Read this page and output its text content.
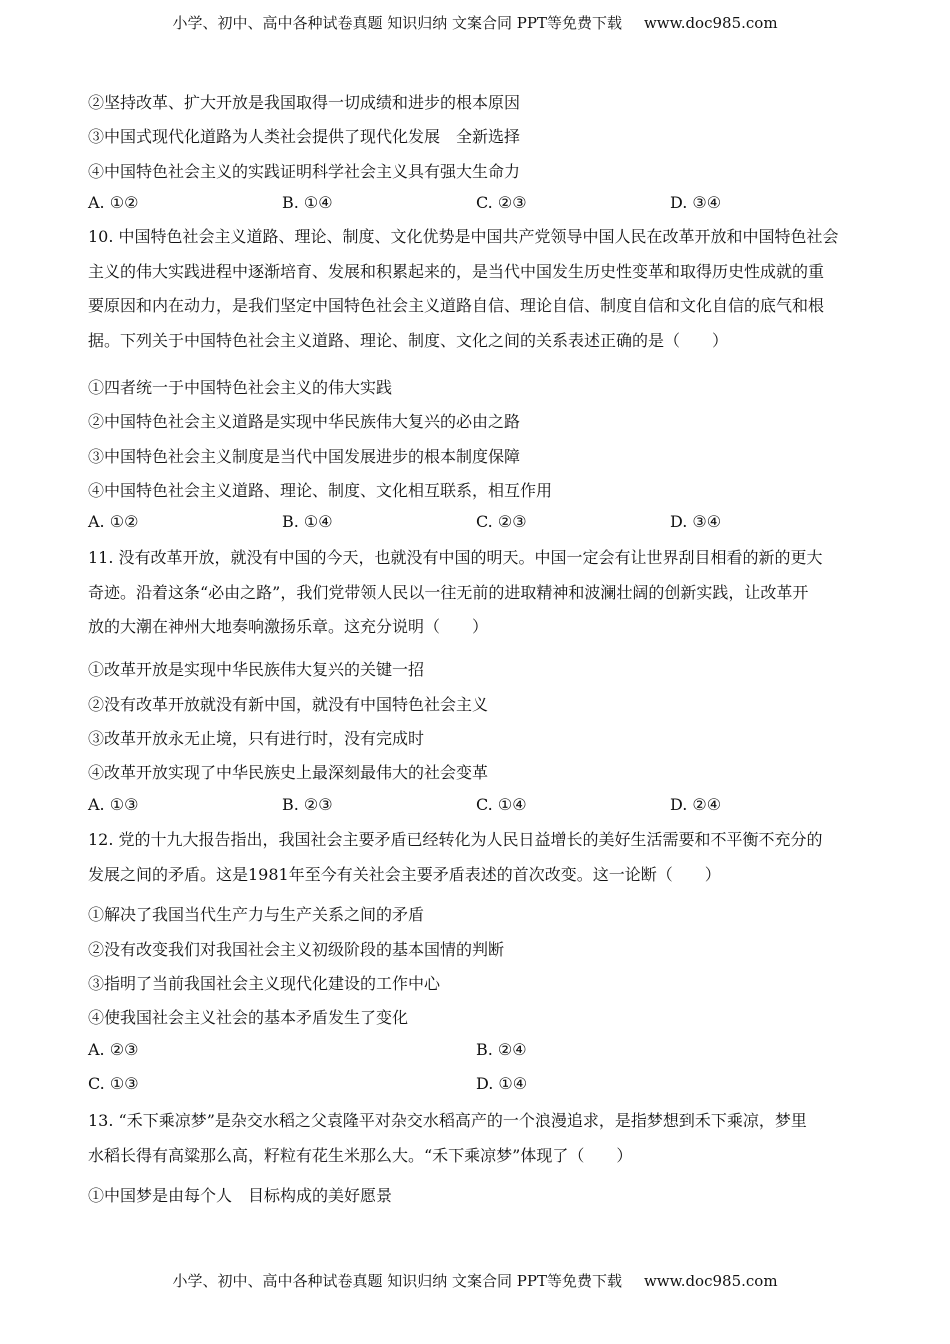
小学、初中、高中各种试卷真题 知识归纳 文案合同 PPT等免费下载 www.doc985.com
②坚持改革、扩大开放是我国取得一切成绩和进步的根本原因
③中国式现代化道路为人类社会提供了现代化发展　全新选择
④中国特色社会主义的实践证明科学社会主义具有强大生命力
A. ①②	B. ①④	C. ②③	D. ③④
10. 中国特色社会主义道路、理论、制度、文化优势是中国共产党领导中国人民在改革开放和中国特色社会
主义的伟大实践进程中逐渐培育、发展和积累起来的，是当代中国发生历史性变革和取得历史性成就的重
要原因和内在动力，是我们坚定中国特色社会主义道路自信、理论自信、制度自信和文化自信的底气和根
据。下列关于中国特色社会主义道路、理论、制度、文化之间的关系表述正确的是（　　）
①四者统一于中国特色社会主义的伟大实践
②中国特色社会主义道路是实现中华民族伟大复兴的必由之路
③中国特色社会主义制度是当代中国发展进步的根本制度保障
④中国特色社会主义道路、理论、制度、文化相互联系，相互作用
A. ①②	B. ①④	C. ②③	D. ③④
11. 没有改革开放，就没有中国的今天，也就没有中国的明天。中国一定会有让世界刮目相看的新的更大
奇迹。沿着这条“必由之路”，我们党带领人民以一往无前的进取精神和波澜壮阔的创新实践，让改革开
放的大潮在神州大地奏响激扬乐章。这充分说明（　　）
①改革开放是实现中华民族伟大复兴的关键一招
②没有改革开放就没有新中国，就没有中国特色社会主义
③改革开放永无止境，只有进行时，没有完成时
④改革开放实现了中华民族史上最深刻最伟大的社会变革
A. ①③	B. ②③	C. ①④	D. ②④
12. 党的十九大报告指出，我国社会主要矛盾已经转化为人民日益增长的美好生活需要和不平衡不充分的
发展之间的矛盾。这是1981年至今有关社会主要矛盾表述的首次改变。这一论断（　　）
①解决了我国当代生产力与生产关系之间的矛盾
②没有改变我们对我国社会主义初级阶段的基本国情的判断
③指明了当前我国社会主义现代化建设的工作中心
④使我国社会主义社会的基本矛盾发生了变化
A. ②③	B. ②④
C. ①③	D. ①④
13. “禾下乘凉梦”是杂交水稻之父袁隆平对杂交水稻高产的一个浪漫追求，是指梦想到禾下乘凉，梦里
水稻长得有高粱那么高，籽粒有花生米那么大。“禾下乘凉梦”体现了（　　）
①中国梦是由每个人　目标构成的美好愿景
小学、初中、高中各种试卷真题 知识归纳 文案合同 PPT等免费下载 www.doc985.com
